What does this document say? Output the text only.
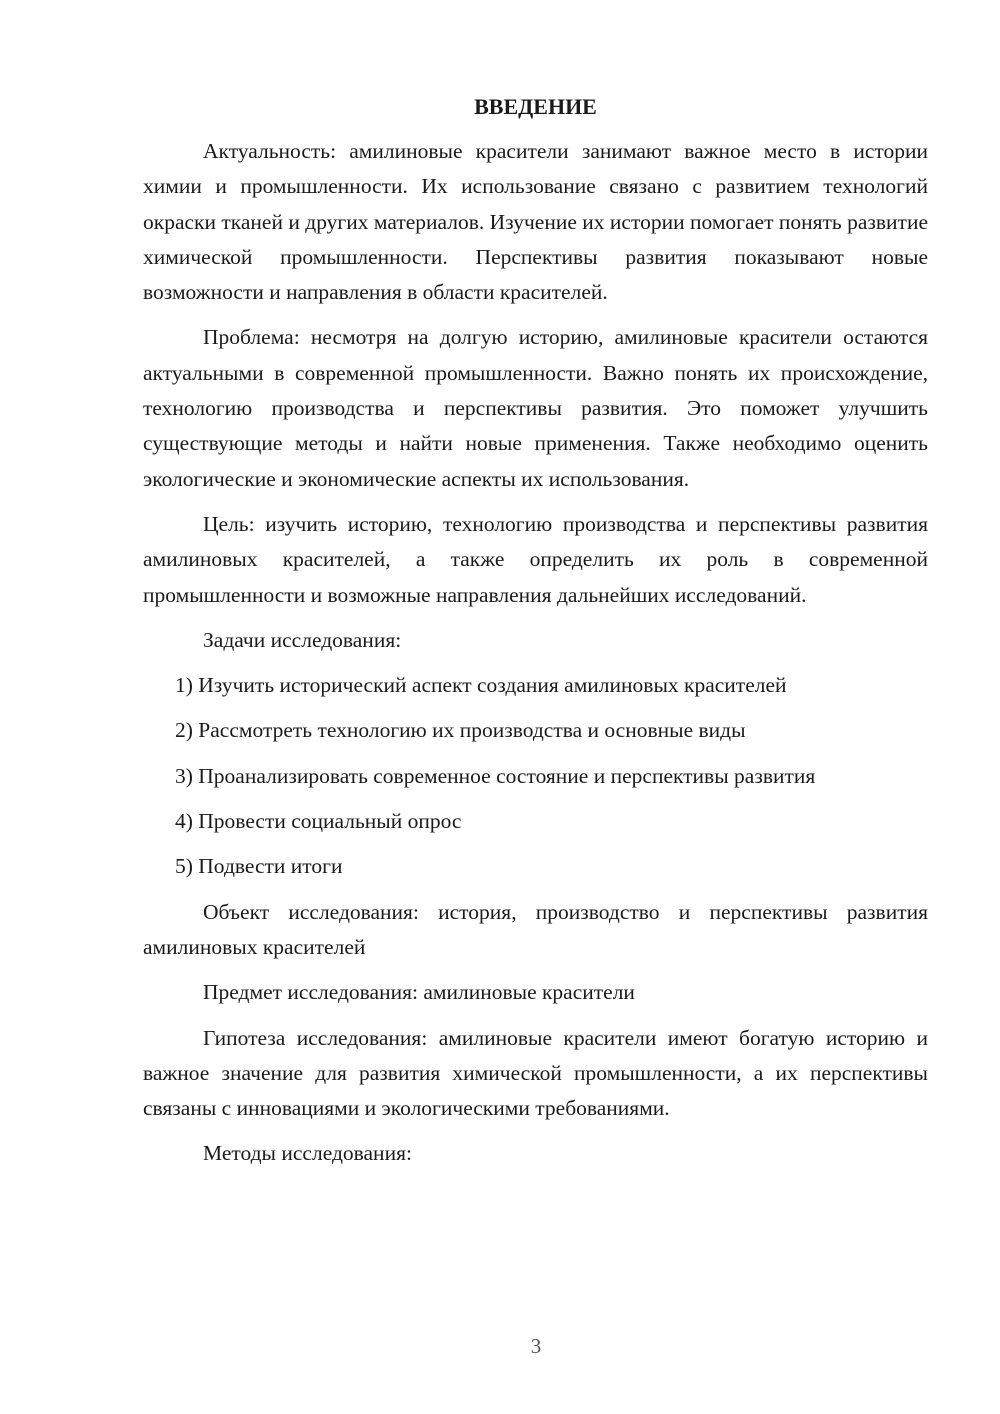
ВВЕДЕНИЕ

Актуальность: амилиновые красители занимают важное место в истории химии и промышленности. Их использование связано с развитием технологий окраски тканей и других материалов. Изучение их истории помогает понять развитие химической промышленности. Перспективы развития показывают новые возможности и направления в области красителей.

Проблема: несмотря на долгую историю, амилиновые красители остаются актуальными в современной промышленности. Важно понять их происхождение, технологию производства и перспективы развития. Это поможет улучшить существующие методы и найти новые применения. Также необходимо оценить экологические и экономические аспекты их использования.

Цель: изучить историю, технологию производства и перспективы развития амилиновых красителей, а также определить их роль в современной промышленности и возможные направления дальнейших исследований.

Задачи исследования:

1) Изучить исторический аспект создания амилиновых красителей
2) Рассмотреть технологию их производства и основные виды
3) Проанализировать современное состояние и перспективы развития
4) Провести социальный опрос
5) Подвести итоги

Объект исследования: история, производство и перспективы развития амилиновых красителей

Предмет исследования: амилиновые красители

Гипотеза исследования: амилиновые красители имеют богатую историю и важное значение для развития химической промышленности, а их перспективы связаны с инновациями и экологическими требованиями.

Методы исследования:

3
